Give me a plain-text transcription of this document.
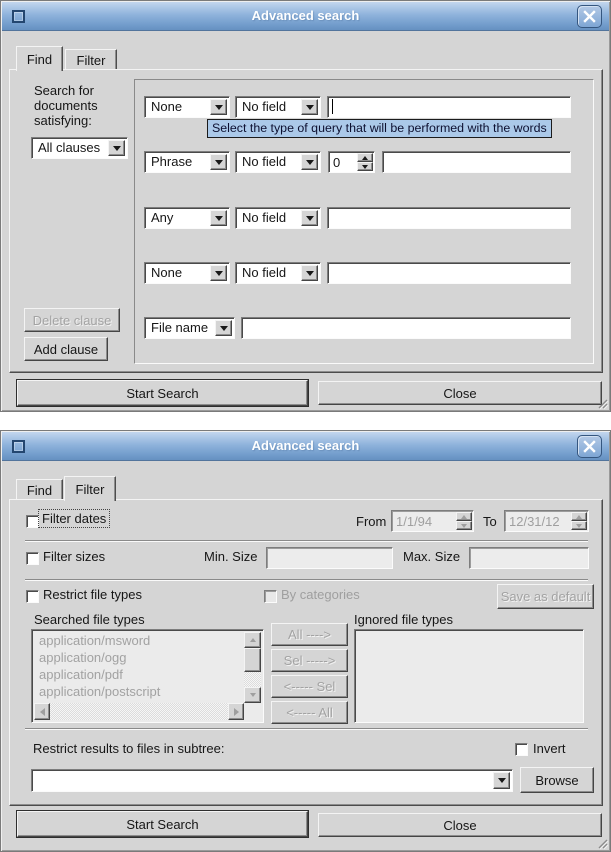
Advanced search
Find Filter
Search for
documents
satisfying:
All clauses
None	No field
Select the type of query that will be performed with the words
Phrase	No field
0
Any	No field
None	No field
File name
Delete clause
Add clause
Start Search	Close
Advanced search
Find Filter
Filter dates	From
1/1/94	To
12/31/12
Filter sizes	Min. Size	Max. Size
Restrict file types	By categories	Save as default
Searched file types
application/msword
application/ogg
application/pdf
application/postscript
All ---->
Sel ----->
<----- Sel
<----- All
Ignored file types
Restrict results to files in subtree:	Invert
Browse
Start Search	Close
